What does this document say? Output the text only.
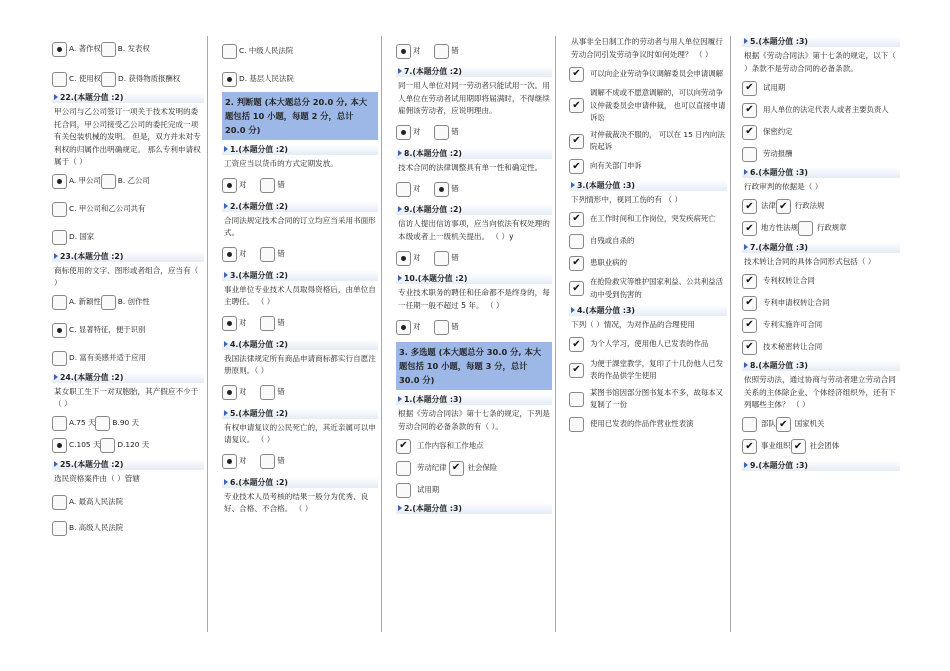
A. 著作权 B. 发表权
C. 使用权 D. 获得物质报酬权
22.(本题分值 :2)
甲公司与乙公司签订一项关于技术发明的委托合同，甲公司接受乙公司的委托完成一项有关包装机械的发明。 但是，双方并未对专利权的归属作出明确规定。 那么专利申请权属于（ ）
A. 甲公司 B. 乙公司
C. 甲公司和乙公司共有
D. 国家
23.(本题分值 :2)
商标使用的文字、图形或者组合，应当有（ ）
A. 新颖性 B. 创作性
C. 显著特征，便于识别
D. 富有美感并适于应用
24.(本题分值 :2)
某女职工生下一对双胞胎，其产假应不少于（ ）
A.75 天 B.90 天
C.105 天 D.120 天
25.(本题分值 :2)
选民资格案件由（ ）管辖
A. 最高人民法院
B. 高级人民法院
C. 中级人民法院
D. 基层人民法院
2. 判断题 (本大题总分 20.0 分, 本大题包括 10 小题，每题 2 分，总计 20.0 分)
1.(本题分值 :2)
工资应当以货币的方式定期发放。
对	错
2.(本题分值 :2)
合同法规定技术合同的订立均应当采用书面形式。
对	错
3.(本题分值 :2)
事业单位专业技术人员取得资格后，由单位自主聘任。 （ ）
对	错
4.(本题分值 :2)
我国法律规定所有商品申请商标都实行自愿注册原则。（ ）
对	错
5.(本题分值 :2)
有权申请复议的公民死亡的，其近亲属可以申请复议。 （ ）
对	错
6.(本题分值 :2)
专业技术人员考核的结果一般分为优秀、良好、合格、不合格。 （ ）
对	错
7.(本题分值 :2)
同一用人单位对同一劳动者只能试用一次。用人单位在劳动者试用期即将届满时，不得继续雇佣该劳动者，应说明理由。
对	错
8.(本题分值 :2)
技术合同的法律调整具有单一性和确定性。
对	错
9.(本题分值 :2)
信访人提出信访事项，应当向依法有权处理的本级或者上一级机关提出。 （ ）y
对	错
10.(本题分值 :2)
专业技术职务的聘任和任命都不是终身的，每一任期一般不超过 5 年。 （ ）
对	错
3. 多选题 (本大题总分 30.0 分, 本大题包括 10 小题，每题 3 分，总计 30.0 分)
1.(本题分值 :3)
根据《劳动合同法》第十七条的规定，下列是劳动合同的必备条款的有（ ）。
✔ 工作内容和工作地点
劳动纪律 ✔ 社会保险
试用期
2.(本题分值 :3)
从事非全日制工作的劳动者与用人单位因履行劳动合同引发劳动争议时如何处理？ （ ）
✔ 可以向企业劳动争议调解委员会申请调解
✔
调解不成或不愿意调解的，可以向劳动争议仲裁委员会申请仲裁， 也可以直接申请诉讼
✔
对仲裁裁决不服的， 可以在 15 日内向法院起诉
✔ 向有关部门申诉
3.(本题分值 :3)
下列情形中，视同工伤的有 （ ）
✔ 在工作时间和工作岗位，突发疾病死亡
自残或自杀的
✔ 患职业病的
✔
在抢险救灾等维护国家利益、公共利益活动中受到伤害的
4.(本题分值 :3)
下列（ ）情况，为对作品的合理使用
✔ 为个人学习，使用他人已发表的作品
✔
为便于課堂教学，复印了十几份他人已发表的作品供学生使用
某图书馆因部分图书复本不多，故每本又复制了一份
使用已发表的作品作营业性表演
5.(本题分值 :3)
根据《劳动合同法》第十七条的规定，以下（ ）条款不是劳动合同的必备条款。
✔ 试用期
✔ 用人单位的法定代表人或者主要负责人
✔ 保密约定
劳动报酬
6.(本题分值 :3)
行政审判的依据是（ ）
✔ 法律 ✔ 行政法规
✔ 地方性法规	行政规章
7.(本题分值 :3)
技术转让合同的具体合同形式包括（ ）
✔ 专利权转让合同
✔ 专利申请权转让合同
✔ 专利实施许可合同
✔ 技术秘密转让合同
8.(本题分值 :3)
依照劳动法，通过协商与劳动者建立劳动合同关系的主体除企业、个体经济组织外，还有下列哪些主体？ （ ）
部队 ✔ 国家机关
✔ 事业组织 ✔ 社会团体
9.(本题分值 :3)
